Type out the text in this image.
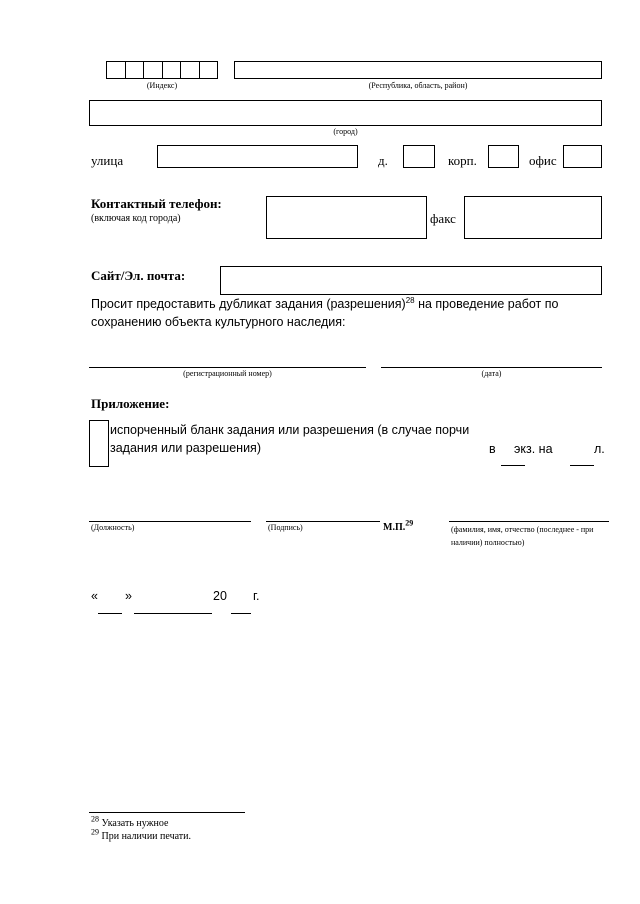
(Индекс)	(Республика, область, район)
(город)
улица	д.	корп.	офис
Контактный телефон:
(включая код города)	факс
Сайт/Эл. почта:
Просит предоставить дубликат задания (разрешения)$^{28}$ на проведение работ по
сохранению объекта культурного наследия:
(регистрационный номер)	(дата)
Приложение:
испорченный бланк задания или разрешения (в случае порчи
задания или разрешения)	в экз. на	л.
(Должность)	(Подпись)	М.П.$^{29}$
(фамилия, имя, отчество (последнее - при
наличии) полностью)
« »	20 г.
$^{28}$ Указать нужное
$^{29}$ При наличии печати.
